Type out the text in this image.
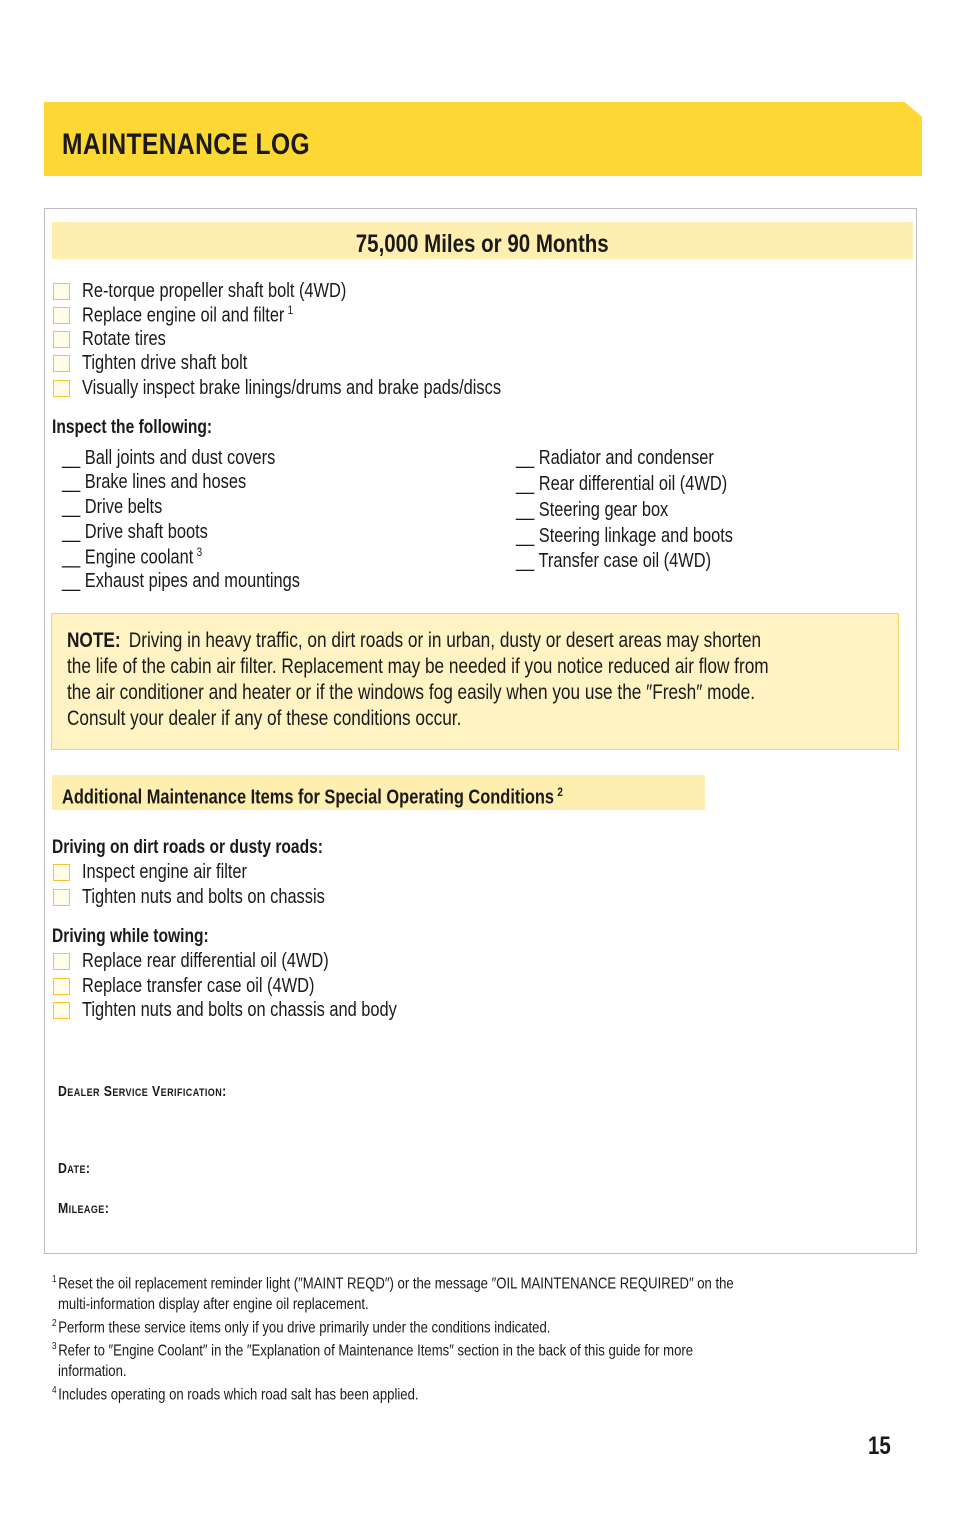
MAINTENANCE LOG
75,000 Miles or 90 Months
Re-torque propeller shaft bolt (4WD)
Replace engine oil and filter $^1$
Rotate tires
Tighten drive shaft bolt
Visually inspect brake linings/drums and brake pads/discs
Inspect the following:
__ Ball joints and dust covers
__ Brake lines and hoses
__ Drive belts
__ Drive shaft boots
__ Engine coolant $^3$
__ Exhaust pipes and mountings
__ Radiator and condenser
__ Rear differential oil (4WD)
__ Steering gear box
__ Steering linkage and boots
__ Transfer case oil (4WD)
NOTE: Driving in heavy traffic, on dirt roads or in urban, dusty or desert areas may shorten
the life of the cabin air filter. Replacement may be needed if you notice reduced air flow from
the air conditioner and heater or if the windows fog easily when you use the ″Fresh″ mode.
Consult your dealer if any of these conditions occur.
Additional Maintenance Items for Special Operating Conditions $^2$
Driving on dirt roads or dusty roads:
Inspect engine air filter
Tighten nuts and bolts on chassis
Driving while towing:
Replace rear differential oil (4WD)
Replace transfer case oil (4WD)
Tighten nuts and bolts on chassis and body
Dealer Service Verification:
Date:
Mileage:
$^1$ Reset the oil replacement reminder light (″MAINT REQD″) or the message ″OIL MAINTENANCE REQUIRED″ on the
multi-information display after engine oil replacement.
$^2$ Perform these service items only if you drive primarily under the conditions indicated.
$^3$ Refer to ″Engine Coolant″ in the ″Explanation of Maintenance Items″ section in the back of this guide for more
information.
$^4$ Includes operating on roads which road salt has been applied.
15
